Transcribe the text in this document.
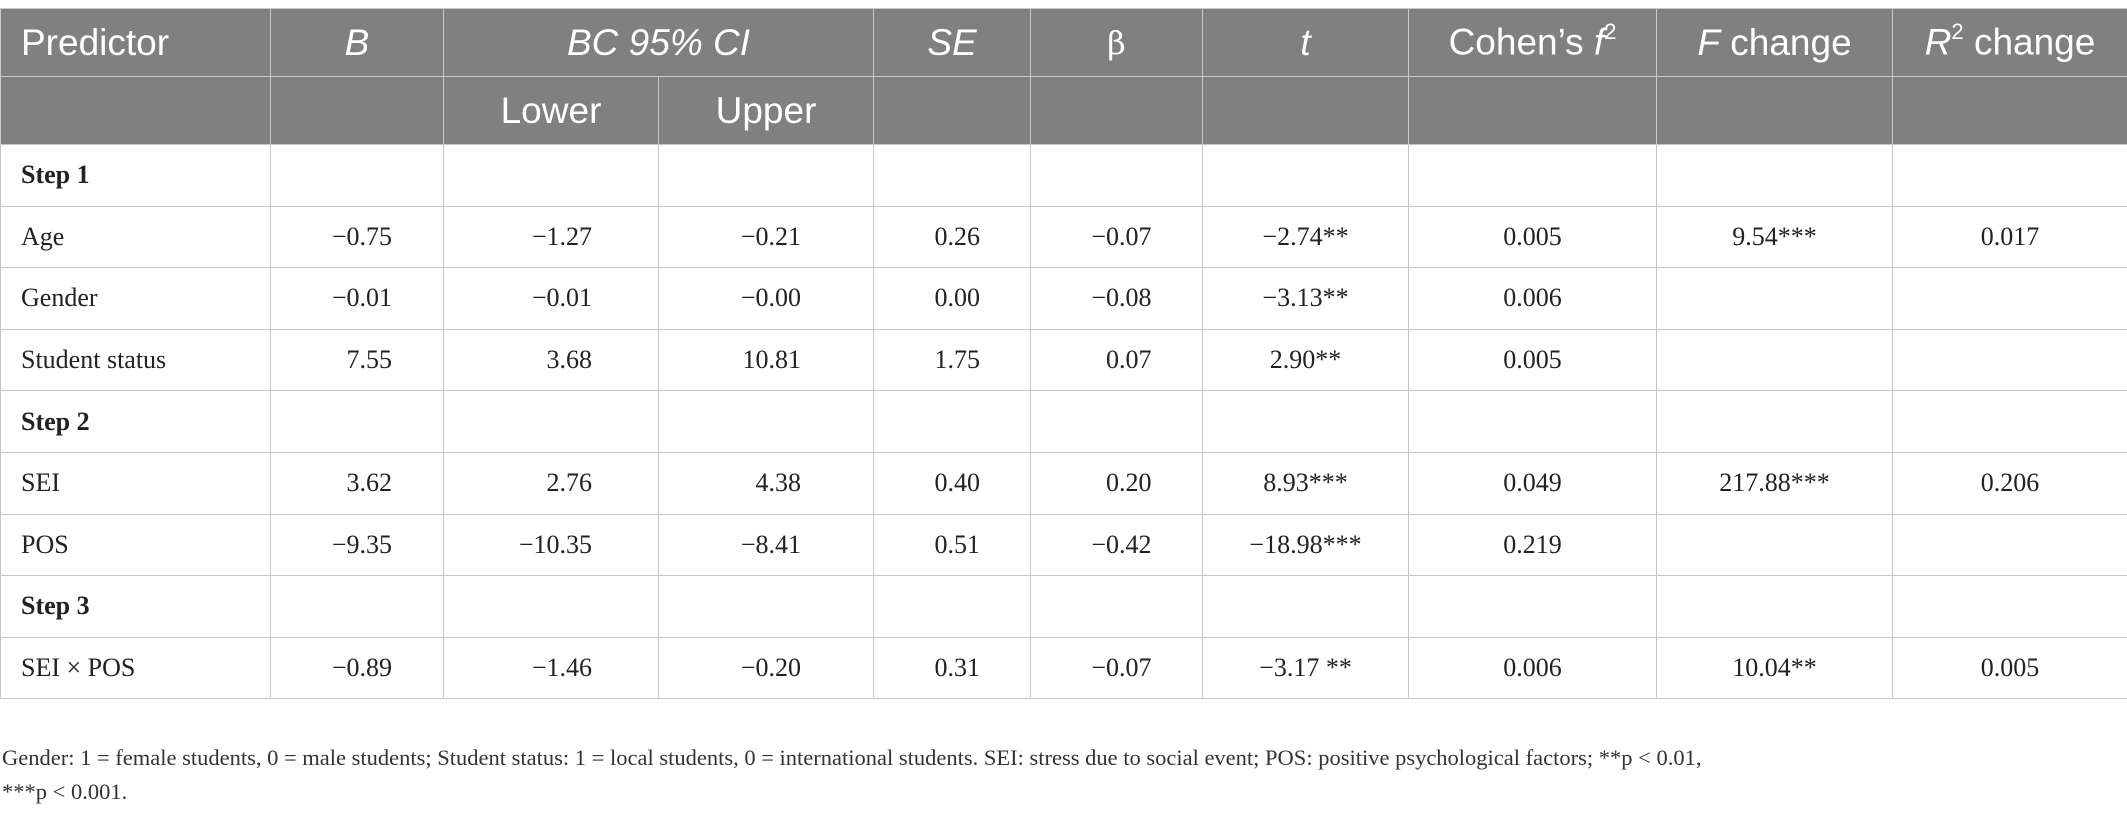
Predictor	B	BC 95% CI		SE	β	t	Cohen’s $f^2$	F change	$R^2$ change
		Lower	Upper						
Step 1									
Age	−0.75	−1.27	−0.21	0.26	−0.07	−2.74**	0.005	9.54***	0.017
Gender	−0.01	−0.01	−0.00	0.00	−0.08	−3.13**	0.006		
Student status	7.55	3.68	10.81	1.75	0.07	2.90**	0.005		
Step 2									
SEI	3.62	2.76	4.38	0.40	0.20	8.93***	0.049	217.88***	0.206
POS	−9.35	−10.35	−8.41	0.51	−0.42	−18.98***	0.219		
Step 3									
SEI × POS	−0.89	−1.46	−0.20	0.31	−0.07	−3.17 **	0.006	10.04**	0.005
Gender: 1 = female students, 0 = male students; Student status: 1 = local students, 0 = international students. SEI: stress due to social event; POS: positive psychological factors; **p < 0.01,
***p < 0.001.
